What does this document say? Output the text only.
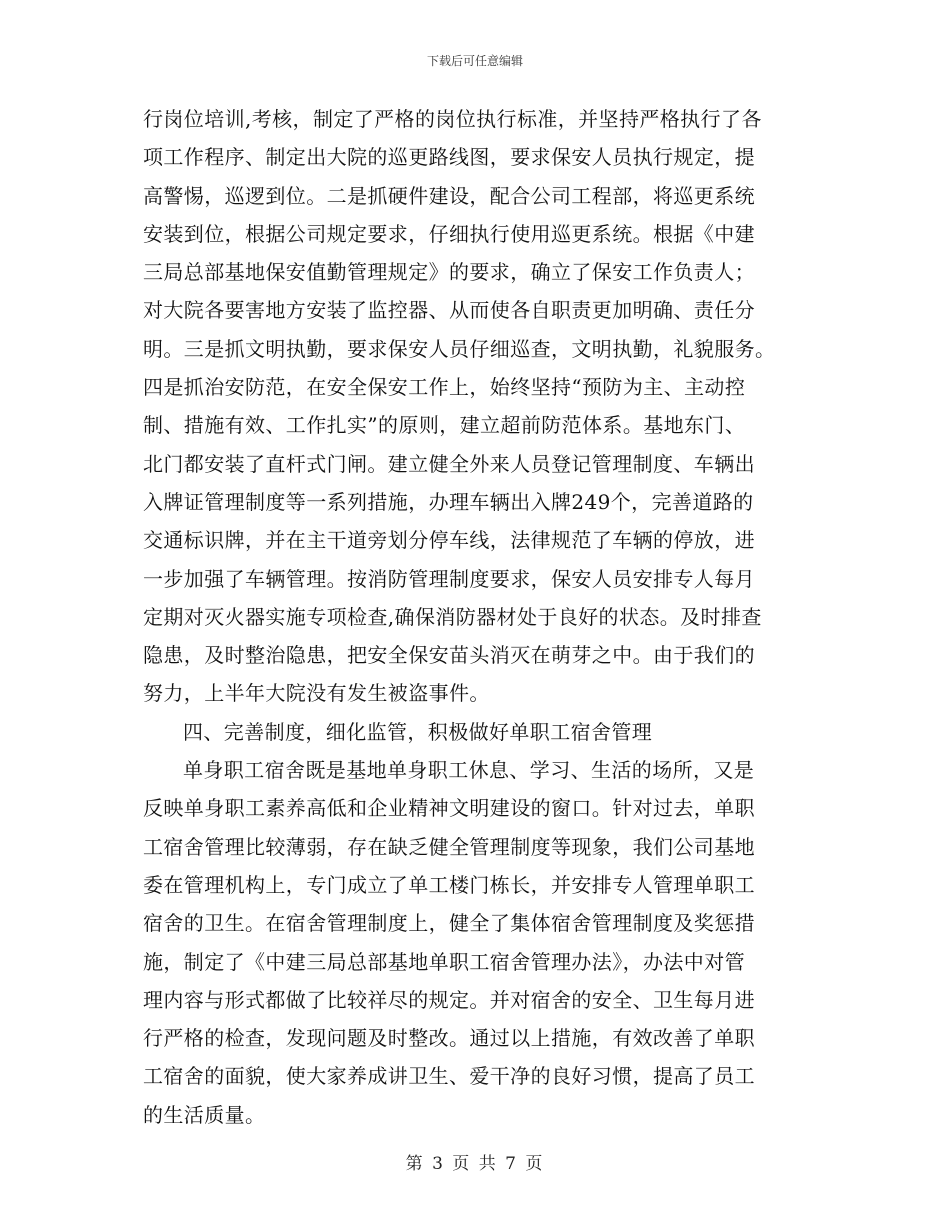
下载后可任意编辑
行岗位培训,考核，制定了严格的岗位执行标准，并坚持严格执行了各
项工作程序、制定出大院的巡更路线图，要求保安人员执行规定，提
高警惕，巡逻到位。二是抓硬件建设，配合公司工程部，将巡更系统
安装到位，根据公司规定要求，仔细执行使用巡更系统。根据《中建
三局总部基地保安值勤管理规定》的要求，确立了保安工作负责人；
对大院各要害地方安装了监控器、从而使各自职责更加明确、责任分
明。三是抓文明执勤，要求保安人员仔细巡查，文明执勤，礼貌服务。
四是抓治安防范，在安全保安工作上，始终坚持“预防为主、主动控
制、措施有效、工作扎实”的原则，建立超前防范体系。基地东门、
北门都安装了直杆式门闸。建立健全外来人员登记管理制度、车辆出
入牌证管理制度等一系列措施，办理车辆出入牌249个，完善道路的
交通标识牌，并在主干道旁划分停车线，法律规范了车辆的停放，进
一步加强了车辆管理。按消防管理制度要求，保安人员安排专人每月
定期对灭火器实施专项检查,确保消防器材处于良好的状态。及时排查
隐患，及时整治隐患，把安全保安苗头消灭在萌芽之中。由于我们的
努力，上半年大院没有发生被盗事件。
四、完善制度，细化监管，积极做好单职工宿舍管理
单身职工宿舍既是基地单身职工休息、学习、生活的场所，又是
反映单身职工素养高低和企业精神文明建设的窗口。针对过去，单职
工宿舍管理比较薄弱，存在缺乏健全管理制度等现象，我们公司基地
委在管理机构上，专门成立了单工楼门栋长，并安排专人管理单职工
宿舍的卫生。在宿舍管理制度上，健全了集体宿舍管理制度及奖惩措
施，制定了《中建三局总部基地单职工宿舍管理办法》，办法中对管
理内容与形式都做了比较祥尽的规定。并对宿舍的安全、卫生每月进
行严格的检查，发现问题及时整改。通过以上措施，有效改善了单职
工宿舍的面貌，使大家养成讲卫生、爱干净的良好习惯，提高了员工
的生活质量。
第 3 页 共 7 页
